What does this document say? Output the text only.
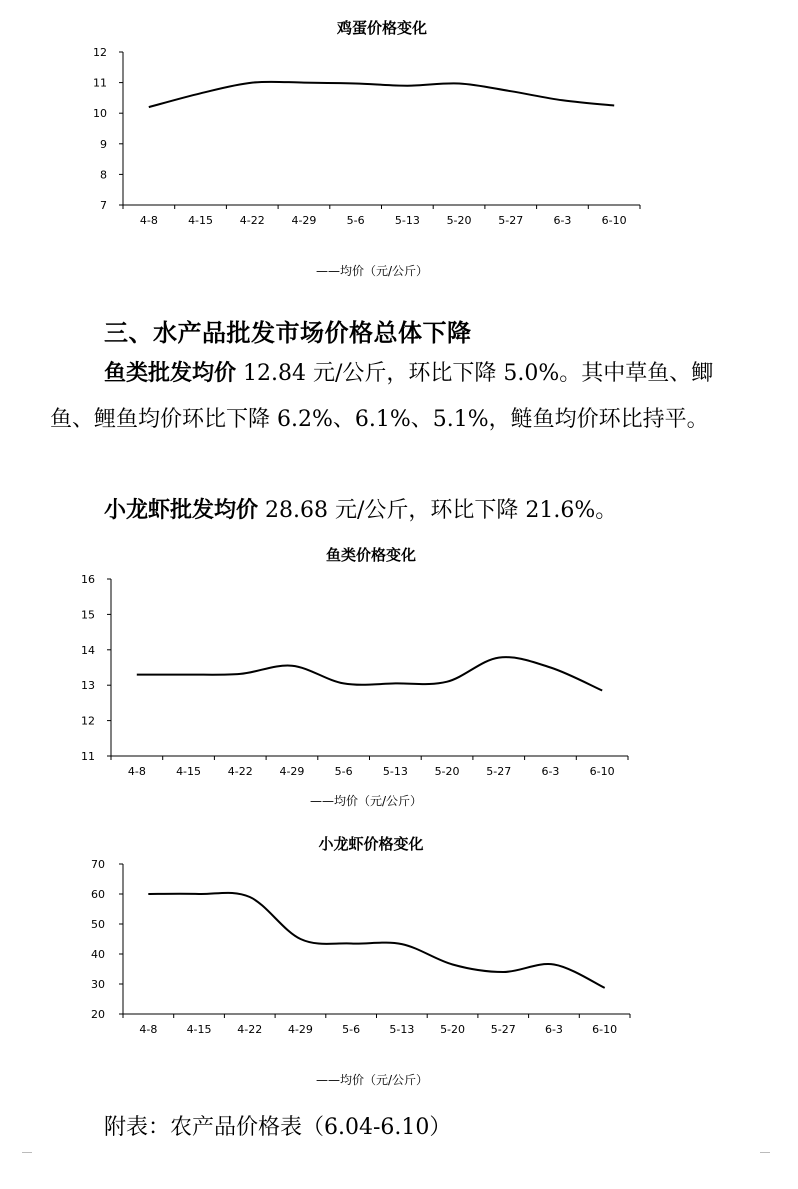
鸡蛋价格变化
7
8
9
10
11
12
4-8	4-15 4-22 4-29	5-6	5-13 5-20 5-27	6-3	6-10
——均价（元/公斤）
三、水产品批发市场价格总体下降
鱼类批发均价 12.84 元/公斤，环比下降 5.0%。其中草鱼、鲫鱼、鲤鱼均价环比下降 6.2%、6.1%、5.1%，鲢鱼均价环比持平。
小龙虾批发均价 28.68 元/公斤，环比下降 21.6%。
鱼类价格变化
11
12
13
14
15
16
4-8	4-15 4-22 4-29	5-6	5-13 5-20 5-27	6-3	6-10
——均价（元/公斤）
小龙虾价格变化
20
30
40
50
60
70
4-8	4-15 4-22 4-29	5-6	5-13 5-20 5-27	6-3	6-10
——均价（元/公斤）
附表：农产品价格表（6.04-6.10）
